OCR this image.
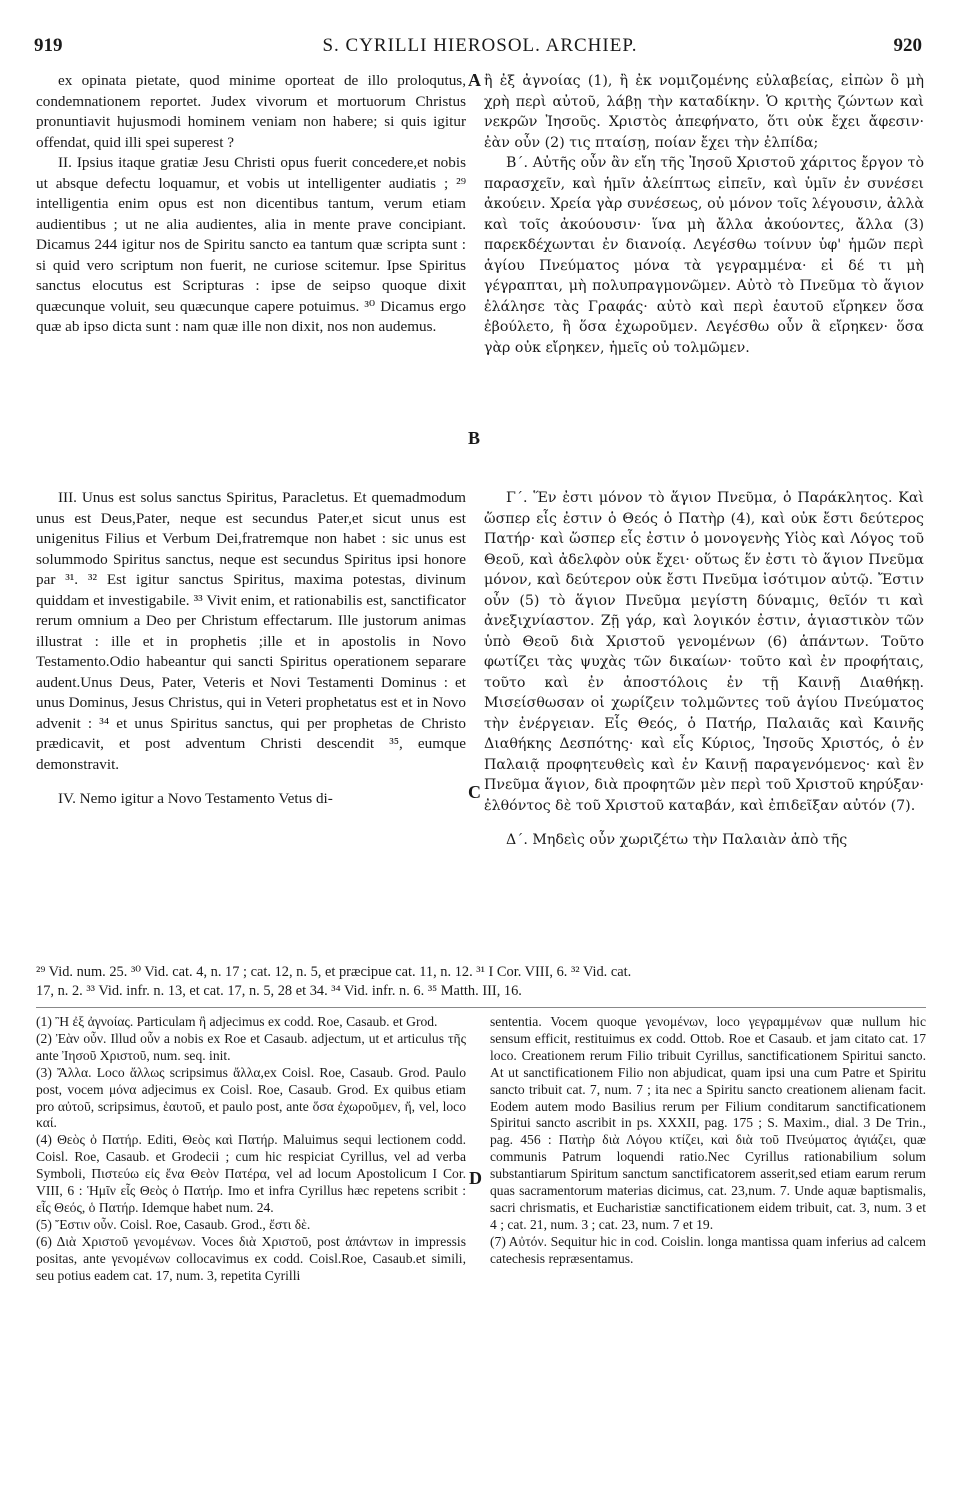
919	S. CYRILLI HIEROSOL. ARCHIEP.	920

ex opinata pietate, quod minime oporteat de illo proloqutus, condemnationem reportet. Judex vivorum et mortuorum Christus pronuntiavit hujusmodi hominem veniam non habere; si quis igitur offendat, quid illi spei superest ?

II. Ipsius itaque gratiæ Jesu Christi opus fuerit concedere,et nobis ut absque defectu loquamur, et vobis ut intelligenter audiatis ; ²⁹ intelligentia enim opus est non dicentibus tantum, verum etiam audientibus ; ut ne alia audientes, alia in mente prave concipiant. Dicamus 244 igitur nos de Spiritu sancto ea tantum quæ scripta sunt : si quid vero scriptum non fuerit, ne curiose scitemur. Ipse Spiritus sanctus elocutus est Scripturas : ipse de seipso quoque dixit quæcunque voluit, seu quæcunque capere potuimus. ³⁰ Dicamus ergo quæ ab ipso dicta sunt : nam quæ ille non dixit, nos non audemus.

ἢ ἐξ ἀγνοίας (1), ἢ ἐκ νομιζομένης εὐλαβείας, εἰπὼν ὃ μὴ χρὴ περὶ αὐτοῦ, λάβῃ τὴν καταδίκην. Ὁ κριτὴς ζώντων καὶ νεκρῶν Ἰησοῦς. Χριστὸς ἀπεφήνατο, ὅτι οὐκ ἔχει ἄφεσιν· ἐὰν οὖν (2) τις πταίσῃ, ποίαν ἔχει τὴν ἐλπίδα;

Β΄. Αὐτῆς οὖν ἂν εἴη τῆς Ἰησοῦ Χριστοῦ χάριτος ἔργον τὸ παρασχεῖν, καὶ ἡμῖν ἀλείπτως εἰπεῖν, καὶ ὑμῖν ἐν συνέσει ἀκούειν. Χρεία γὰρ συνέσεως, οὐ μόνον τοῖς λέγουσιν, ἀλλὰ καὶ τοῖς ἀκούουσιν· ἵνα μὴ ἄλλα ἀκούοντες, ἄλλα (3) παρεκδέχωνται ἐν διανοίᾳ. Λεγέσθω τοίνυν ὑφ' ἡμῶν περὶ ἁγίου Πνεύματος μόνα τὰ γεγραμμένα· εἰ δέ τι μὴ γέγραπται, μὴ πολυπραγμονῶμεν. Αὐτὸ τὸ Πνεῦμα τὸ ἅγιον ἐλάλησε τὰς Γραφάς· αὐτὸ καὶ περὶ ἑαυτοῦ εἴρηκεν ὅσα ἐβούλετο, ἢ ὅσα ἐχωροῦμεν. Λεγέσθω οὖν ἃ εἴρηκεν· ὅσα γὰρ οὐκ εἴρηκεν, ἡμεῖς οὐ τολμῶμεν.

III. Unus est solus sanctus Spiritus, Paracletus. Et quemadmodum unus est Deus,Pater, neque est secundus Pater,et sicut unus est unigenitus Filius et Verbum Dei,fratremque non habet : sic unus est solummodo Spiritus sanctus, neque est secundus Spiritus ipsi honore par ³¹. ³² Est igitur sanctus Spiritus, maxima potestas, divinum quiddam et investigabile. ³³ Vivit enim, et rationabilis est, sanctificator rerum omnium a Deo per Christum effectarum. Ille justorum animas illustrat : ille et in prophetis ;ille et in apostolis in Novo Testamento.Odio habeantur qui sancti Spiritus operationem separare audent.Unus Deus, Pater, Veteris et Novi Testamenti Dominus : et unus Dominus, Jesus Christus, qui in Veteri prophetatus est et in Novo advenit : ³⁴ et unus Spiritus sanctus, qui per prophetas de Christo prædicavit, et post adventum Christi descendit ³⁵, eumque demonstravit.

IV. Nemo igitur a Novo Testamento Vetus di-

Γ΄. Ἕν ἐστι μόνον τὸ ἅγιον Πνεῦμα, ὁ Παράκλητος. Καὶ ὥσπερ εἷς ἐστιν ὁ Θεός ὁ Πατὴρ (4), καὶ οὐκ ἔστι δεύτερος Πατήρ· καὶ ὥσπερ εἷς ἐστιν ὁ μονογενὴς Υἱὸς καὶ Λόγος τοῦ Θεοῦ, καὶ ἀδελφὸν οὐκ ἔχει· οὕτως ἕν ἐστι τὸ ἅγιον Πνεῦμα μόνον, καὶ δεύτερον οὐκ ἔστι Πνεῦμα ἰσότιμον αὐτῷ. Ἔστιν οὖν (5) τὸ ἅγιον Πνεῦμα μεγίστη δύναμις, θεῖόν τι καὶ ἀνεξιχνίαστον. Ζῇ γάρ, καὶ λογικόν ἐστιν, ἁγιαστικὸν τῶν ὑπὸ Θεοῦ διὰ Χριστοῦ γενομένων (6) ἁπάντων. Τοῦτο φωτίζει τὰς ψυχὰς τῶν δικαίων· τοῦτο καὶ ἐν προφήταις, τοῦτο καὶ ἐν ἀποστόλοις ἐν τῇ Καινῇ Διαθήκῃ. Μισείσθωσαν οἱ χωρίζειν τολμῶντες τοῦ ἁγίου Πνεύματος τὴν ἐνέργειαν. Εἷς Θεός, ὁ Πατήρ, Παλαιᾶς καὶ Καινῆς Διαθήκης Δεσπότης· καὶ εἷς Κύριος, Ἰησοῦς Χριστός, ὁ ἐν Παλαιᾷ προφητευθεὶς καὶ ἐν Καινῇ παραγενόμενος· καὶ ἓν Πνεῦμα ἅγιον, διὰ προφητῶν μὲν περὶ τοῦ Χριστοῦ κηρύξαν· ἐλθόντος δὲ τοῦ Χριστοῦ καταβάν, καὶ ἐπιδεῖξαν αὐτόν (7).

Δ΄. Μηδεὶς οὖν χωριζέτω τὴν Παλαιὰν ἀπὸ τῆς

A
B
C
D
²⁹ Vid. num. 25. ³⁰ Vid. cat. 4, n. 17 ; cat. 12, n. 5, et præcipue cat. 11, n. 12. ³¹ I Cor. VIII, 6. ³² Vid. cat.
17, n. 2. ³³ Vid. infr. n. 13, et cat. 17, n. 5, 28 et 34. ³⁴ Vid. infr. n. 6. ³⁵ Matth. III, 16.

(1) Ἢ ἐξ ἀγνοίας. Particulam ἢ adjecimus ex codd. Roe, Casaub. et Grod.

(2) Ἐὰν οὖν. Illud οὖν a nobis ex Roe et Casaub. adjectum, ut et articulus τῆς ante Ἰησοῦ Χριστοῦ, num. seq. init.

(3) Ἄλλα. Loco ἄλλως scripsimus ἄλλα,ex Coisl. Roe, Casaub. Grod. Paulo post, vocem μόνα adjecimus ex Coisl. Roe, Casaub. Grod. Ex quibus etiam pro αὐτοῦ, scripsimus, ἑαυτοῦ, et paulo post, ante ὅσα ἐχωροῦμεν, ἤ, vel, loco καί.

(4) Θεὸς ὁ Πατήρ. Editi, Θεὸς καὶ Πατήρ. Maluimus sequi lectionem codd. Coisl. Roe, Casaub. et Grodecii ; cum hic respiciat Cyrillus, vel ad verba Symboli, Πιστεύω εἰς ἕνα Θεὸν Πατέρα, vel ad locum Apostolicum I Cor. VIII, 6 : Ἡμῖν εἷς Θεὸς ὁ Πατήρ. Imo et infra Cyrillus hæc repetens scribit : εἷς Θεός, ὁ Πατήρ. Idemque habet num. 24.

(5) Ἔστιν οὖν. Coisl. Roe, Casaub. Grod., ἔστι δὲ.

(6) Διὰ Χριστοῦ γενομένων. Voces διὰ Χριστοῦ, post ἁπάντων in impressis positas, ante γενομένων collocavimus ex codd. Coisl.Roe, Casaub.et simili, seu potius eadem cat. 17, num. 3, repetita Cyrilli

sententia. Vocem quoque γενομένων, loco γεγραμμένων quæ nullum hic sensum efficit, restituimus ex codd. Ottob. Roe et Casaub. et jam citato cat. 17 loco. Creationem rerum Filio tribuit Cyrillus, sanctificationem Spiritui sancto. At ut sanctificationem Filio non abjudicat, quam ipsi una cum Patre et Spiritu sancto tribuit cat. 7, num. 7 ; ita nec a Spiritu sancto creationem alienam facit. Eodem autem modo Basilius rerum per Filium conditarum sanctificationem Spiritui sancto ascribit in ps. XXXII, pag. 175 ; S. Maxim., dial. 3 De Trin., pag. 456 : Πατὴρ διὰ Λόγου κτίζει, καὶ διὰ τοῦ Πνεύματος ἁγιάζει, quæ communis Patrum loquendi ratio.Nec Cyrillus rationabilium solum substantiarum Spiritum sanctum sanctificatorem asserit,sed etiam earum rerum quas sacramentorum materias dicimus, cat. 23,num. 7. Unde aquæ baptismalis, sacri chrismatis, et Eucharistiæ sanctificationem eidem tribuit, cat. 3, num. 3 et 4 ; cat. 21, num. 3 ; cat. 23, num. 7 et 19.

(7) Αὐτόν. Sequitur hic in cod. Coislin. longa mantissa quam inferius ad calcem catechesis repræsentamus.
